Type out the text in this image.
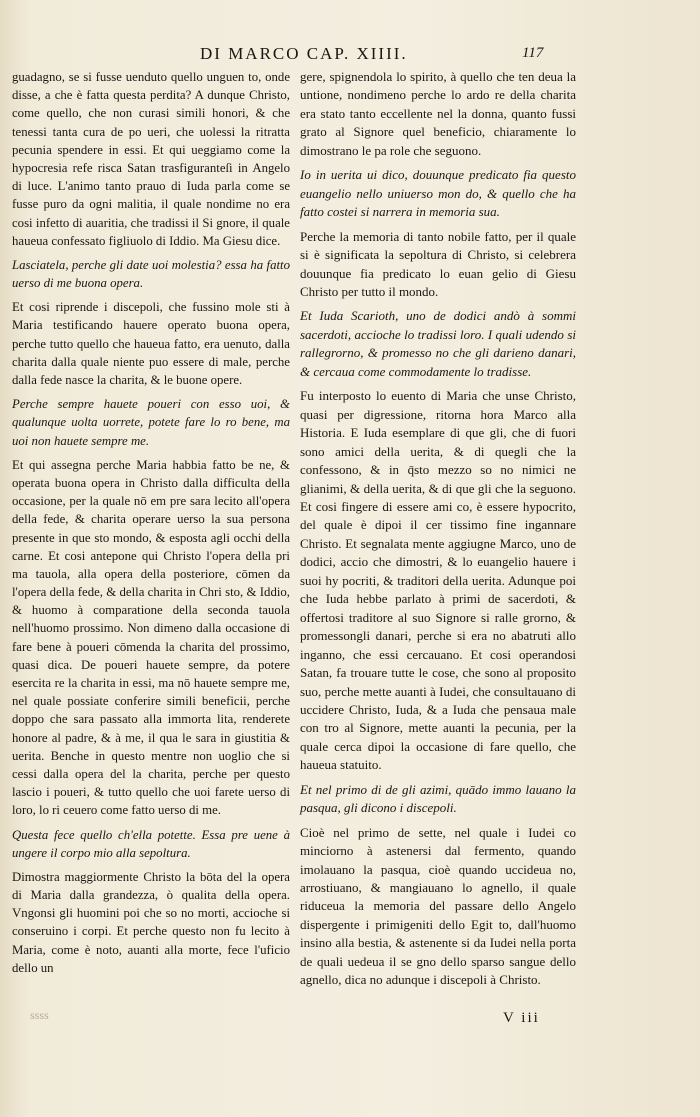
DI MARCO CAP. XIIII.	117

guadagno, se si fusse uenduto quello unguen to, onde disse, a che è fatta questa perdita? A dunque Christo, come quello, che non curasi simili honori, & che tenessi tanta cura de po ueri, che uolessi la ritratta pecunia spendere in essi. Et qui ueggiamo come la hypocresia refe risca Satan trasfiguranteſi in Angelo di luce. L'animo tanto prauo di Iuda parla come se fusse puro da ogni malitia, il quale nondime no era cosi infetto di auaritia, che tradissi il Si gnore, il quale haueua confessato figliuolo di Iddio. Ma Giesu dice.

Lasciatela, perche gli date uoi molestia? essa ha fatto uerso di me buona opera.

Et cosi riprende i discepoli, che fussino mole sti à Maria testificando hauere operato buona opera, perche tutto quello che haueua fatto, era uenuto, dalla charita dalla quale niente puo essere di male, perche dalla fede nasce la charita, & le buone opere.

Perche sempre hauete poueri con esso uoi, & qualunque uolta uorrete, potete fare lo ro bene, ma uoi non hauete sempre me.

Et qui assegna perche Maria habbia fatto be ne, & operata buona opera in Christo dalla difficulta della occasione, per la quale nō em pre sara lecito all'opera della fede, & charita operare uerso la sua persona presente in que sto mondo, & esposta agli occhi della carne. Et cosi antepone qui Christo l'opera della pri ma tauola, alla opera della posteriore, cōmen da l'opera della fede, & della charita in Chri sto, & Iddio, & huomo à comparatione della seconda tauola nell'huomo prossimo. Non dimeno dalla occasione di fare bene à poueri cōmenda la charita del prossimo, quasi dica. De poueri hauete sempre, da potere esercita re la charita in essi, ma nō hauete sempre me, nel quale possiate conferire simili beneficii, perche doppo che sara passato alla immorta lita, renderete honore al padre, & à me, il qua le sara in giustitia & uerita. Benche in questo mentre non uoglio che si cessi dalla opera del la charita, perche per questo lascio i poueri, & tutto quello che uoi farete uerso di loro, lo ri ceuero come fatto uerso di me.

Questa fece quello ch'ella potette. Essa pre uene à ungere il corpo mio alla sepoltura.

Dimostra maggiormente Christo la bōta del la opera di Maria dalla grandezza, ò qualita della opera. Vngonsi gli huomini poi che so no morti, accioche si conseruino i corpi. Et perche questo non fu lecito à Maria, come è noto, auanti alla morte, fece l'uficio dello un

gere, spignendola lo spirito, à quello che ten deua la untione, nondimeno perche lo ardo re della charita era stato tanto eccellente nel la donna, quanto fussi grato al Signore quel beneficio, chiaramente lo dimostrano le pa role che seguono.

Io in uerita ui dico, douunque predicato fia questo euangelio nello uniuerso mon do, & quello che ha fatto costei si narrera in memoria sua.

Perche la memoria di tanto nobile fatto, per il quale si è significata la sepoltura di Christo, si celebrera douunque fia predicato lo euan gelio di Giesu Christo per tutto il mondo.

Et Iuda Scarioth, uno de dodici andò à sommi sacerdoti, accioche lo tradissi loro. I quali udendo si rallegrorno, & promesso no che gli darieno danari, & cercaua come commodamente lo tradisse.

Fu interposto lo euento di Maria che unse Christo, quasi per digressione, ritorna hora Marco alla Historia. E Iuda esemplare di que gli, che di fuori sono amici della uerita, & di quegli che la confessono, & in q̄sto mezzo so no nimici ne glianimi, & della uerita, & di que gli che la seguono. Et cosi fingere di essere ami co, è essere hypocrito, del quale è dipoi il cer tissimo fine ingannare Christo. Et segnalata mente aggiugne Marco, uno de dodici, accio che dimostri, & lo euangelio hauere i suoi hy pocriti, & traditori della uerita. Adunque poi che Iuda hebbe parlato à primi de sacerdoti, & offertosi traditore al suo Signore si ralle grorno, & promessongli danari, perche si era no abatruti allo inganno, che essi cercauano. Et cosi operandosi Satan, fa trouare tutte le cose, che sono al proposito suo, perche mette auanti à Iudei, che consultauano di uccidere Christo, Iuda, & a Iuda che pensaua male con tro al Signore, mette auanti la pecunia, per la quale cerca dipoi la occasione di fare quello, che haueua statuito.

Et nel primo di de gli azimi, quādo immo lauano la pasqua, gli dicono i discepoli.

Cioè nel primo de sette, nel quale i Iudei co minciorno à astenersi dal fermento, quando imolauano la pasqua, cioè quando uccideua no, arrostiuano, & mangiauano lo agnello, il quale riduceua la memoria del passare dello Angelo dispergente i primigeniti dello Egit to, dall'huomo insino alla bestia, & astenente si da Iudei nella porta de quali uedeua il se gno dello sparso sangue dello agnello, dica no adunque i discepoli à Christo.

ssss	V iii
